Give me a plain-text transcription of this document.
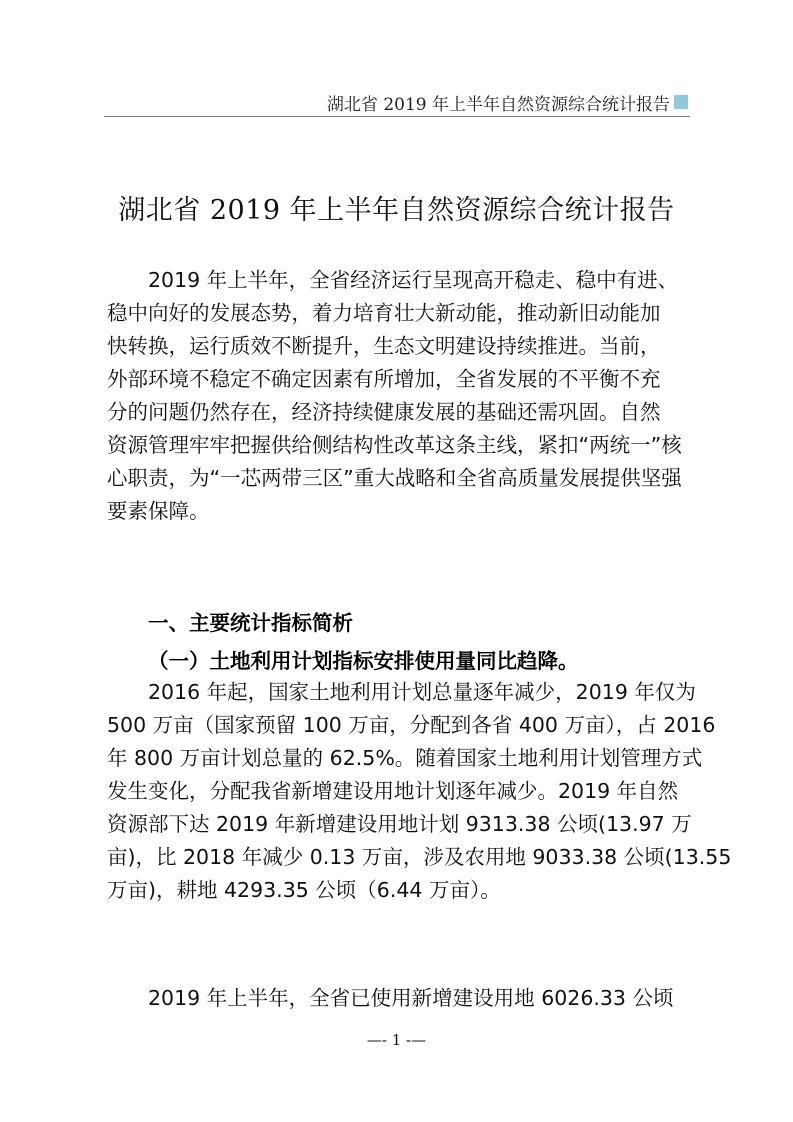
湖北省 2019 年上半年自然资源综合统计报告
湖北省 2019 年上半年自然资源综合统计报告

2019 年上半年，全省经济运行呈现高开稳走、稳中有进、
稳中向好的发展态势，着力培育壮大新动能，推动新旧动能加
快转换，运行质效不断提升，生态文明建设持续推进。当前，
外部环境不稳定不确定因素有所增加，全省发展的不平衡不充
分的问题仍然存在，经济持续健康发展的基础还需巩固。自然
资源管理牢牢把握供给侧结构性改革这条主线，紧扣“两统一”核
心职责，为“一芯两带三区”重大战略和全省高质量发展提供坚强
要素保障。

一、主要统计指标简析
（一）土地利用计划指标安排使用量同比趋降。

2016 年起，国家土地利用计划总量逐年减少，2019 年仅为
500 万亩（国家预留 100 万亩，分配到各省 400 万亩），占 2016
年 800 万亩计划总量的 62.5%。随着国家土地利用计划管理方式
发生变化，分配我省新增建设用地计划逐年减少。2019 年自然
资源部下达 2019 年新增建设用地计划 9313.38 公顷(13.97 万
亩)，比 2018 年减少 0.13 万亩，涉及农用地 9033.38 公顷(13.55
万亩)，耕地 4293.35 公顷（6.44 万亩）。

2019 年上半年，全省已使用新增建设用地 6026.33 公顷

—- 1 -—
